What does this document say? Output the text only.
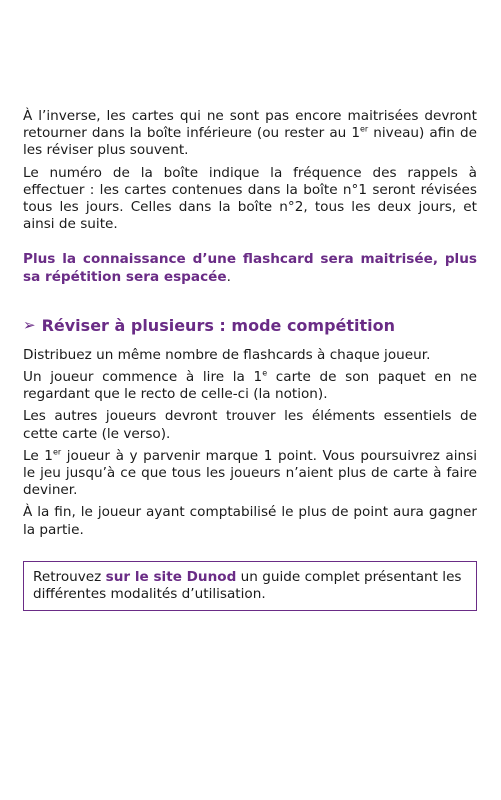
À l’inverse, les cartes qui ne sont pas encore maitrisées devront retourner dans la boîte inférieure (ou rester au 1er niveau) afin de les réviser plus souvent.

Le numéro de la boîte indique la fréquence des rappels à effectuer : les cartes contenues dans la boîte n°1 seront révisées tous les jours. Celles dans la boîte n°2, tous les deux jours, et ainsi de suite.

Plus la connaissance d’une flashcard sera maitrisée, plus sa répétition sera espacée.

➢ Réviser à plusieurs : mode compétition

Distribuez un même nombre de flashcards à chaque joueur.

Un joueur commence à lire la 1e carte de son paquet en ne regardant que le recto de celle-ci (la notion).

Les autres joueurs devront trouver les éléments essentiels de cette carte (le verso).

Le 1er joueur à y parvenir marque 1 point. Vous poursuivrez ainsi le jeu jusqu’à ce que tous les joueurs n’aient plus de carte à faire deviner.

À la fin, le joueur ayant comptabilisé le plus de point aura gagner la partie.

Retrouvez sur le site Dunod un guide complet présentant les différentes modalités d’utilisation.
